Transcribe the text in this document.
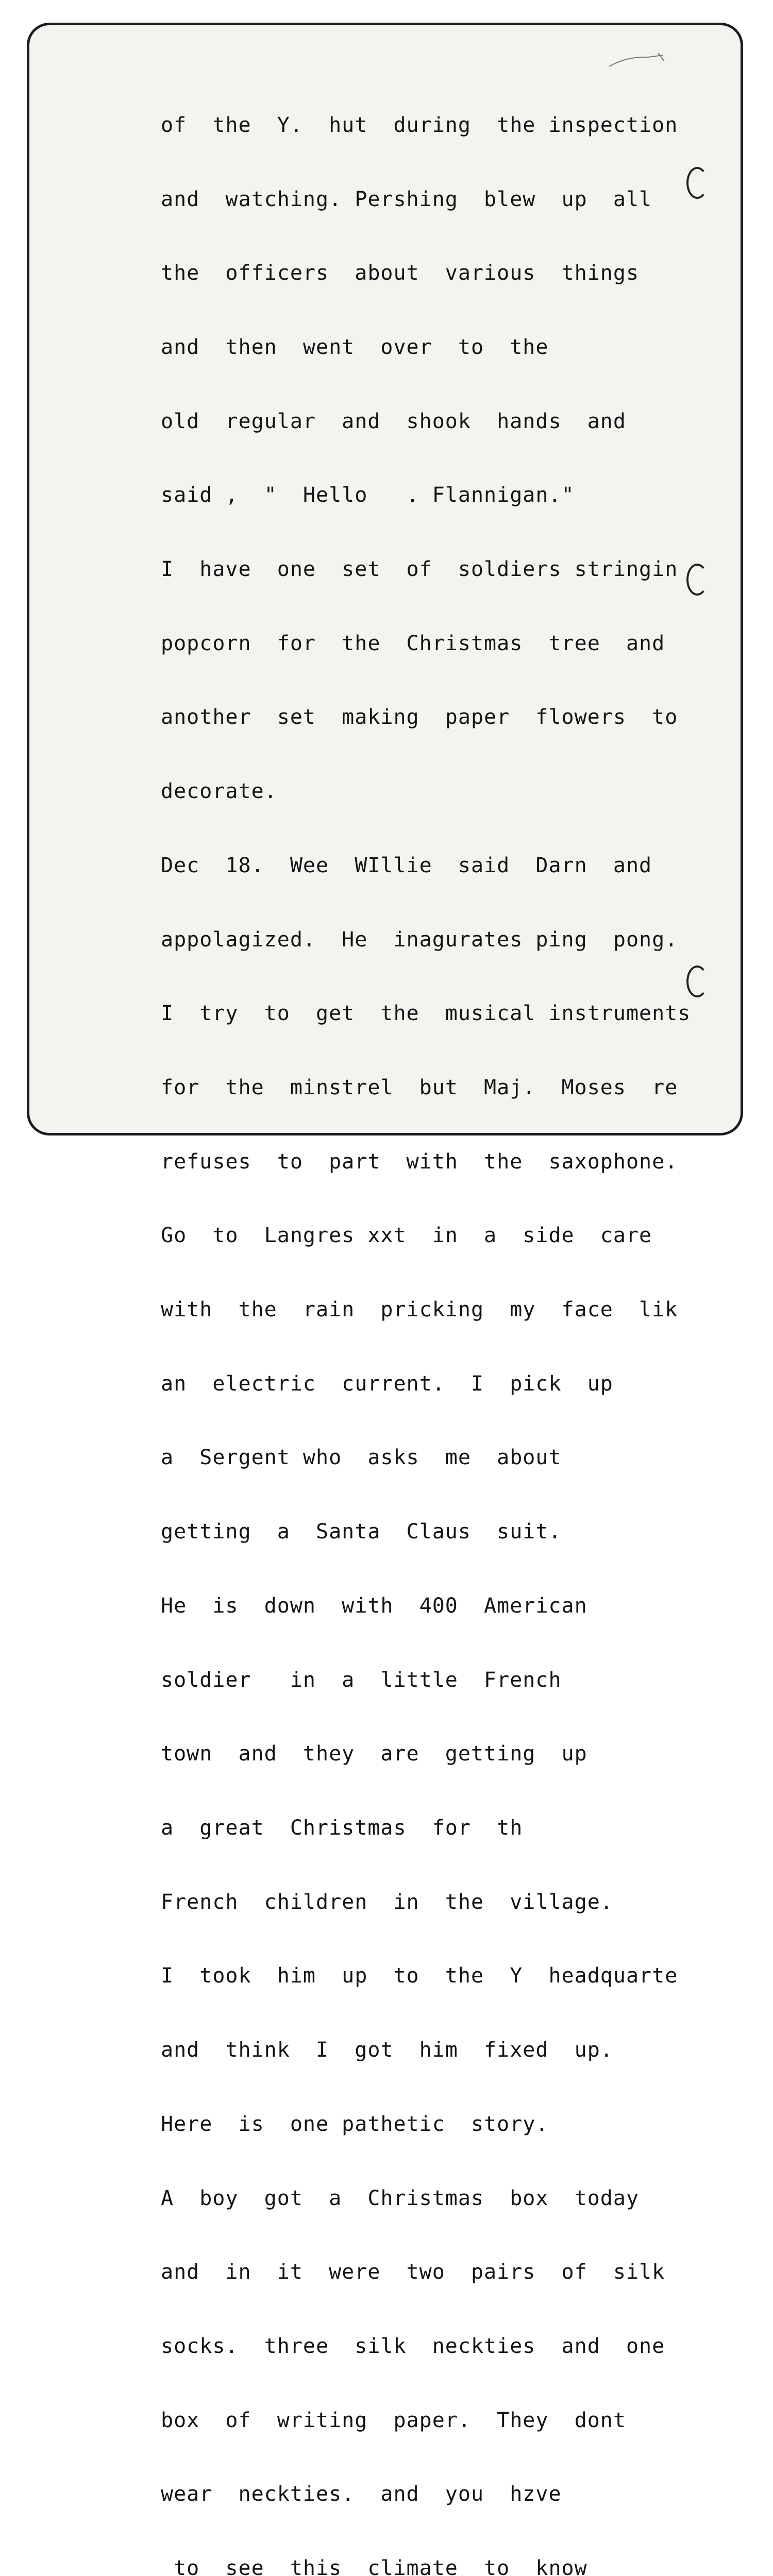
of  the  Y.  hut  during  the inspection

and  watching. Pershing  blew  up  all

the  officers  about  various  things

and  then  went  over  to  the

old  regular  and  shook  hands  and

said ,  "  Hello   . Flannigan."

I  have  one  set  of  soldiers stringin

popcorn  for  the  Christmas  tree  and

another  set  making  paper  flowers  to

decorate.

Dec  18.  Wee  WIllie  said  Darn  and

appolagized.  He  inagurates ping  pong.

I  try  to  get  the  musical instruments

for  the  minstrel  but  Maj.  Moses  re

refuses  to  part  with  the  saxophone.

Go  to  Langres xxt  in  a  side  care

with  the  rain  pricking  my  face  lik

an  electric  current.  I  pick  up

a  Sergent who  asks  me  about

getting  a  Santa  Claus  suit.

He  is  down  with  400  American

soldier   in  a  little  French

town  and  they  are  getting  up

a  great  Christmas  for  th

French  children  in  the  village.

I  took  him  up  to  the  Y  headquarte

and  think  I  got  him  fixed  up.

Here  is  one pathetic  story.

A  boy  got  a  Christmas  box  today

and  in  it  were  two  pairs  of  silk

socks.  three  silk  neckties  and  one

box  of  writing  paper.  They  dont

wear  neckties.  and  you  hzve

to  see  this  climate  to  know
